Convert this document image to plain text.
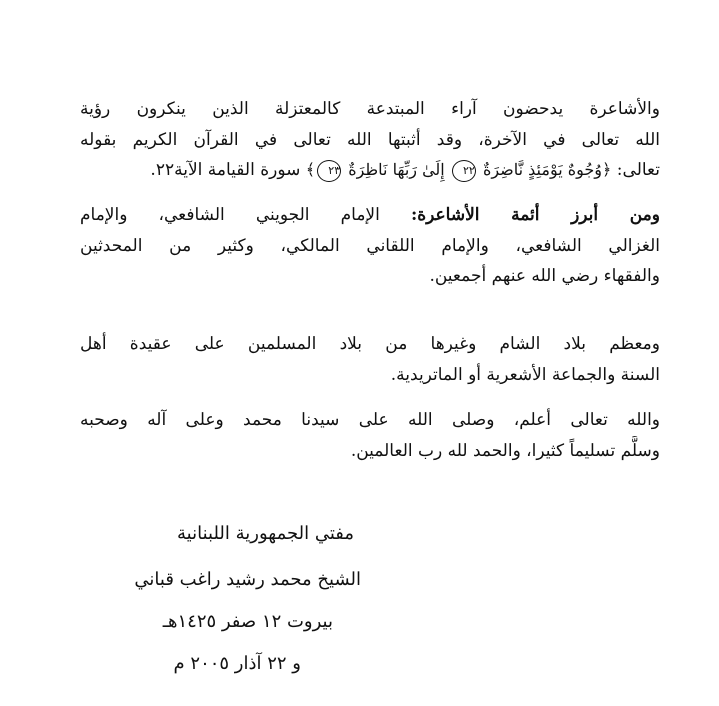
والأشاعرة يدحضون آراء المبتدعة كالمعتزلة الذين ينكرون رؤية
الله تعالى في الآخرة، وقد أثبتها الله تعالى في القرآن الكريم بقوله
تعالى: ﴿وُجُوهٌ يَوْمَئِذٍ نَّاضِرَةٌ ٢٢ إِلَىٰ رَبِّهَا نَاظِرَةٌ ٢٣﴾ سورة القيامة الآية٢٢.
ومن أبرز أئمة الأشاعرة: الإمام الجويني الشافعي، والإمام
الغزالي الشافعي، والإمام اللقاني المالكي، وكثير من المحدثين
والفقهاء رضي الله عنهم أجمعين.
ومعظم بلاد الشام وغيرها من بلاد المسلمين على عقيدة أهل
السنة والجماعة الأشعرية أو الماتريدية.
والله تعالى أعلم، وصلى الله على سيدنا محمد وعلى آله وصحبه
وسلَّم تسليماً كثيرا، والحمد لله رب العالمين.
مفتي الجمهورية اللبنانية
الشيخ محمد رشيد راغب قباني
بيروت ١٢ صفر ١٤٢٥هـ
و ٢٢ آذار ٢٠٠٥ م
